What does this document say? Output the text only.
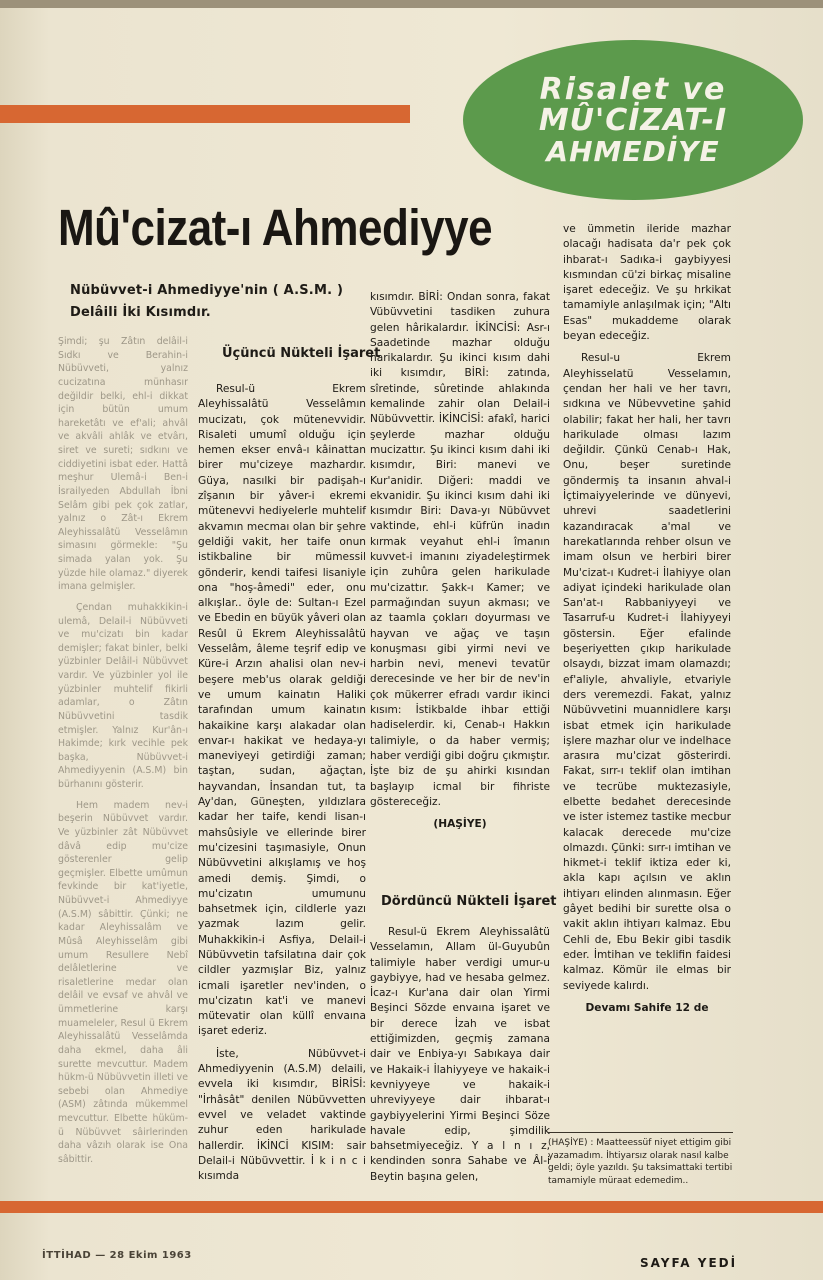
Risalet ve
MÛ'CİZAT-I
AHMEDİYE
Mû'cizat-ı Ahmediyye
Nübüvvet-i Ahmediyye'nin ( A.S.M. )
Delâili İki Kısımdır.

Şimdi; şu Zâtın delâil-i Sıdkı ve Berahin-i Nübüvveti, yalnız cucizatına münhasır değildir belki, ehl-i dikkat için bütün umum hareketâtı ve ef'ali; ahvâl ve akvâli ahlâk ve etvârı, siret ve sureti; sıdkını ve ciddiyetini isbat eder. Hattâ meşhur Ulemâ-i Ben-i İsrailyeden Abdullah İbni Selâm gibi pek çok zatlar, yalnız o Zât-ı Ekrem Aleyhissalâtü Vesselâmın simasını görmekle: "Şu simada yalan yok. Şu yüzde hile olamaz." diyerek imana gelmişler.

Çendan muhakkikin-i ulemâ, Delail-i Nübüvveti ve mu'cizatı bin kadar demişler; fakat binler, belki yüzbinler Delâil-i Nübüvvet vardır. Ve yüzbinler yol ile yüzbinler muhtelif fikirli adamlar, o Zâtın Nübüvvetini tasdik etmişler. Yalnız Kur'ân-ı Hakimde; kırk vecihle pek başka, Nübüvvet-i Ahmediyyenin (A.S.M) bin bürhanını gösterir.

Hem madem nev-i beşerin Nübüvvet vardır. Ve yüzbinler zât Nübüvvet dâvâ edip mu'cize gösterenler gelip geçmişler. Elbette umûmun fevkinde bir kat'iyetle, Nübüvvet-i Ahmediyye (A.S.M) sâbittir. Çünki; ne kadar Aleyhissalâm ve Mûsâ Aleyhisselâm gibi umum Resullere Nebî delâletlerine ve risaletlerine medar olan delâil ve evsaf ve ahvâl ve ümmetlerine karşı muameleler, Resul ü Ekrem Aleyhissalâtü Vesselâmda daha ekmel, daha âli surette mevcuttur. Madem hükm-ü Nübüvvetin illeti ve sebebi olan Ahmediye (ASM) zâtında mükemmel mevcuttur. Elbette hüküm-ü Nübüvvet sâirlerinden daha vâzıh olarak ise Ona sâbittir.

Üçüncü Nükteli İşaret

Resul-ü Ekrem Aleyhissalâtü Vesselâmın mucizatı, çok mütenevvidir. Risaleti umumî olduğu için hemen ekser envâ-ı kâinattan birer mu'cizeye mazhardır. Güya, nasılki bir padişah-ı zîşanın bir yâver-i ekremi mütenevvi hediyelerle muhtelif akvamın mecmaı olan bir şehre geldiği vakit, her taife onun istikbaline bir mümessil gönderir, kendi taifesi lisaniyle ona "hoş-âmedi" eder, onu alkışlar.. öyle de: Sultan-ı Ezel ve Ebedin en büyük yâveri olan Resûl ü Ekrem Aleyhissalâtü Vesselâm, âleme teşrif edip ve Küre-i Arzın ahalisi olan nev-i beşere meb'us olarak geldiği ve umum kainatın Haliki tarafından umum kainatın hakaikine karşı alakadar olan envar-ı hakikat ve hedaya-yı maneviyeyi getirdiği zaman; taştan, sudan, ağaçtan, hayvandan, İnsandan tut, ta Ay'dan, Güneşten, yıldızlara kadar her taife, kendi lisan-ı mahsûsiyle ve ellerinde birer mu'cizesini taşımasiyle, Onun Nübüvvetini alkışlamış ve hoş amedi demiş. Şimdi, o mu'cizatın umumunu bahsetmek için, cildlerle yazı yazmak lazım gelir. Muhakkikin-i Asfiya, Delail-i Nübüvvetin tafsilatına dair çok cildler yazmışlar Biz, yalnız icmali işaretler nev'inden, o mu'cizatın kat'i ve manevi mütevatir olan küllî envaına işaret ederiz.

İste, Nübüvvet-i Ahmediyyenin (A.S.M) delaili, evvela iki kısımdır, BİRİSİ: "İrhâsât" denilen Nübüvvetten evvel ve veladet vaktinde zuhur eden harikulade hallerdir. İKİNCİ KISIM: sair Delail-i Nübüvvettir. İ k i n c i kısımda

kısımdır. BİRİ: Ondan sonra, fakat Vübüvvetini tasdiken zuhura gelen hârikalardır. İKİNCİSİ: Asr-ı Saadetinde mazhar olduğu harikalardır. Şu ikinci kısım dahi iki kısımdır, BİRİ: zatında, sîretinde, sûretinde ahlakında kemalinde zahir olan Delail-i Nübüvvettir. İKİNCİSİ: afakî, harici şeylerde mazhar olduğu mucizattır. Şu ikinci kısım dahi iki kısımdır, Biri: manevi ve Kur'anidir. Diğeri: maddi ve ekvanidir. Şu ikinci kısım dahi iki kısımdır Biri: Dava-yı Nübüvvet vaktinde, ehl-i küfrün inadın kırmak veyahut ehl-i îmanın kuvvet-i imanını ziyadeleştirmek için zuhûra gelen harikulade mu'cizattır. Şakk-ı Kamer; ve parmağından suyun akması; ve az taamla çokları doyurması ve hayvan ve ağaç ve taşın konuşması gibi yirmi nevi ve harbin nevi, menevi tevatür derecesinde ve her bir de nev'in çok mükerrer efradı vardır ikinci kısım: İstikbalde ihbar ettiği hadiselerdir. ki, Cenab-ı Hakkın talimiyle, o da haber vermiş; haber verdiği gibi doğru çıkmıştır. İşte biz de şu ahirki kısından başlayıp icmal bir fihriste göstereceğiz.

(HAŞİYE)
Dördüncü Nükteli İşaret

Resul-ü Ekrem Aleyhissalâtü Vesselamın, Allam ül-Guyubûn talimiyle haber verdigi umur-u gaybiyye, had ve hesaba gelmez. İcaz-ı Kur'ana dair olan Yirmi Beşinci Sözde envaına işaret ve bir derece İzah ve isbat ettiğimizden, geçmiş zamana dair ve Enbiya-yı Sabıkaya dair ve Hakaik-i İlahiyyeye ve hakaik-i kevniyyeye ve hakaik-i uhreviyyeye dair ihbarat-ı gaybiyyelerini Yirmi Beşinci Söze havale edip, şimdilik bahsetmiyeceğiz. Y a l n ı z, kendinden sonra Sahabe ve Âl-i Beytin başına gelen,

ve ümmetin ileride mazhar olacağı hadisata da'r pek çok ihbarat-ı Sadıka-i gaybiyyesi kısmından cü'zi birkaç misaline işaret edeceğiz. Ve şu hrkikat tamamiyle anlaşılmak için; "Altı Esas" mukaddeme olarak beyan edeceğiz.

Resul-u Ekrem Aleyhisselatü Vesselamın, çendan her hali ve her tavrı, sıdkına ve Nübevvetine şahid olabilir; fakat her hali, her tavrı harikulade olması lazım değildir. Çünkü Cenab-ı Hak, Onu, beşer suretinde göndermiş ta insanın ahval-i İçtimaiyyelerinde ve dünyevi, uhrevi saadetlerini kazandıracak a'mal ve harekatlarında rehber olsun ve imam olsun ve herbiri birer Mu'cizat-ı Kudret-i İlahiyye olan adiyat içindeki harikulade olan San'at-ı Rabbaniyyeyi ve Tasarruf-u Kudret-i İlahiyyeyi göstersin. Eğer efalinde beşeriyetten çıkıp harikulade olsaydı, bizzat imam olamazdı; ef'aliyle, ahvaliyle, etvariyle ders veremezdi. Fakat, yalnız Nübüvvetini muannidlere karşı isbat etmek için harikulade işlere mazhar olur ve indelhace arasıra mu'cizat gösterirdi. Fakat, sırr-ı teklif olan imtihan ve tecrübe muktezasiyle, elbette bedahet derecesinde ve ister istemez tastike mecbur kalacak derecede mu'cize olmazdı. Çünki: sırr-ı imtihan ve hikmet-i teklif iktiza eder ki, akla kapı açılsın ve aklın ihtiyarı elinden alınmasın. Eğer gâyet bedihi bir surette olsa o vakit aklın ihtiyarı kalmaz. Ebu Cehli de, Ebu Bekir gibi tasdik eder. İmtihan ve teklifin faidesi kalmaz. Kömür ile elmas bir seviyede kalırdı.

Devamı Sahife 12 de
(HAŞİYE) : Maatteessüf niyet ettigim gibi yazamadım. İhtiyarsız olarak nasıl kalbe geldi; öyle yazıldı. Şu taksimattaki tertibi tamamiyle müraat edemedim..
İTTİHAD — 28 Ekim 1963
SAYFA YEDİ
